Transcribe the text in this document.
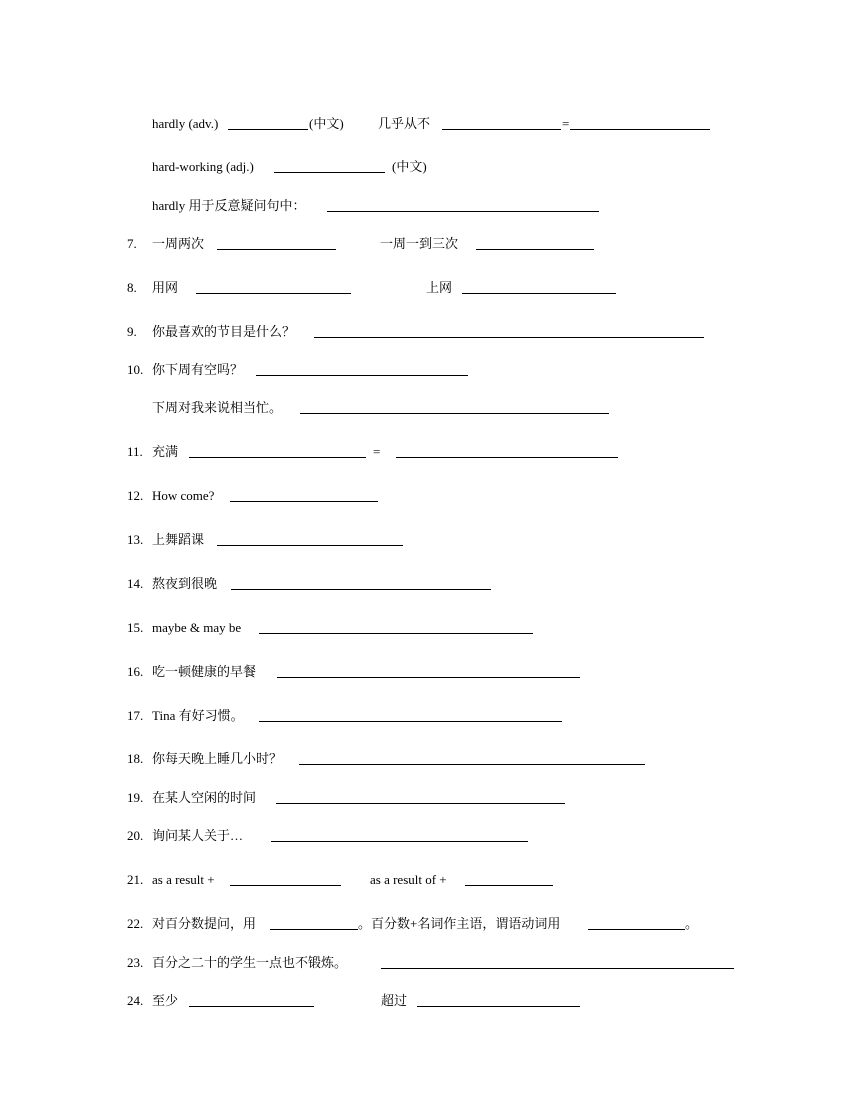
hardly (adv.)	(中文)	几乎从不	=
hard-working (adj.)	(中文)
hardly 用于反意疑问句中：
7. 一周两次	一周一到三次
8. 用网	上网
9. 你最喜欢的节目是什么？
10. 你下周有空吗？
下周对我来说相当忙。
11. 充满	=
12. How come?
13. 上舞蹈课
14. 熬夜到很晚
15. maybe & may be
16. 吃一顿健康的早餐
17. Tina 有好习惯。
18. 你每天晚上睡几小时？
19. 在某人空闲的时间
20. 询问某人关于…
21. as a result +	as a result of +
22. 对百分数提问，用	。百分数+名词作主语，谓语动词用	。
23. 百分之二十的学生一点也不锻炼。
24. 至少	超过
